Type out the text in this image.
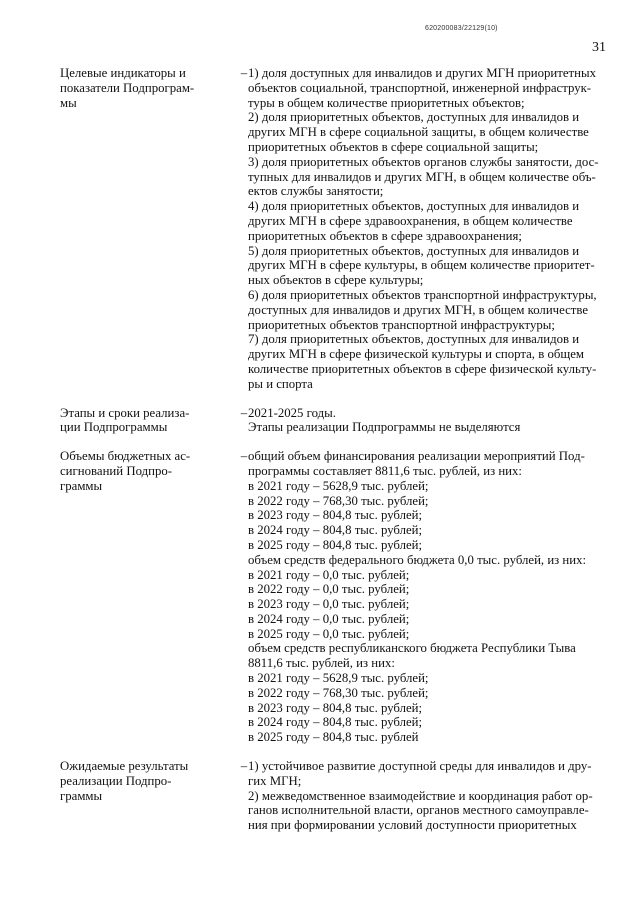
620200083/22129(10)
31
Целевые индикаторы и
показатели Подпрограм-
мы
– 1) доля доступных для инвалидов и других МГН приоритетных
объектов социальной, транспортной, инженерной инфраструк-
туры в общем количестве приоритетных объектов;
2) доля приоритетных объектов, доступных для инвалидов и
других МГН в сфере социальной защиты, в общем количестве
приоритетных объектов в сфере социальной защиты;
3) доля приоритетных объектов органов службы занятости, дос-
тупных для инвалидов и других МГН, в общем количестве объ-
ектов службы занятости;
4) доля приоритетных объектов, доступных для инвалидов и
других МГН в сфере здравоохранения, в общем количестве
приоритетных объектов в сфере здравоохранения;
5) доля приоритетных объектов, доступных для инвалидов и
других МГН в сфере культуры, в общем количестве приоритет-
ных объектов в сфере культуры;
6) доля приоритетных объектов транспортной инфраструктуры,
доступных для инвалидов и других МГН, в общем количестве
приоритетных объектов транспортной инфраструктуры;
7) доля приоритетных объектов, доступных для инвалидов и
других МГН в сфере физической культуры и спорта, в общем
количестве приоритетных объектов в сфере физической культу-
ры и спорта
Этапы и сроки реализа-
ции Подпрограммы
– 2021-2025 годы.
Этапы реализации Подпрограммы не выделяются
Объемы бюджетных ас-
сигнований Подпро-
граммы
– общий объем финансирования реализации мероприятий Под-
программы составляет 8811,6 тыс. рублей, из них:
в 2021 году – 5628,9 тыс. рублей;
в 2022 году – 768,30 тыс. рублей;
в 2023 году – 804,8 тыс. рублей;
в 2024 году – 804,8 тыс. рублей;
в 2025 году – 804,8 тыс. рублей;
объем средств федерального бюджета 0,0 тыс. рублей, из них:
в 2021 году – 0,0 тыс. рублей;
в 2022 году – 0,0 тыс. рублей;
в 2023 году – 0,0 тыс. рублей;
в 2024 году – 0,0 тыс. рублей;
в 2025 году – 0,0 тыс. рублей;
объем средств республиканского бюджета Республики Тыва
8811,6 тыс. рублей, из них:
в 2021 году – 5628,9 тыс. рублей;
в 2022 году – 768,30 тыс. рублей;
в 2023 году – 804,8 тыс. рублей;
в 2024 году – 804,8 тыс. рублей;
в 2025 году – 804,8 тыс. рублей
Ожидаемые результаты
реализации Подпро-
граммы
– 1) устойчивое развитие доступной среды для инвалидов и дру-
гих МГН;
2) межведомственное взаимодействие и координация работ ор-
ганов исполнительной власти, органов местного самоуправле-
ния при формировании условий доступности приоритетных
